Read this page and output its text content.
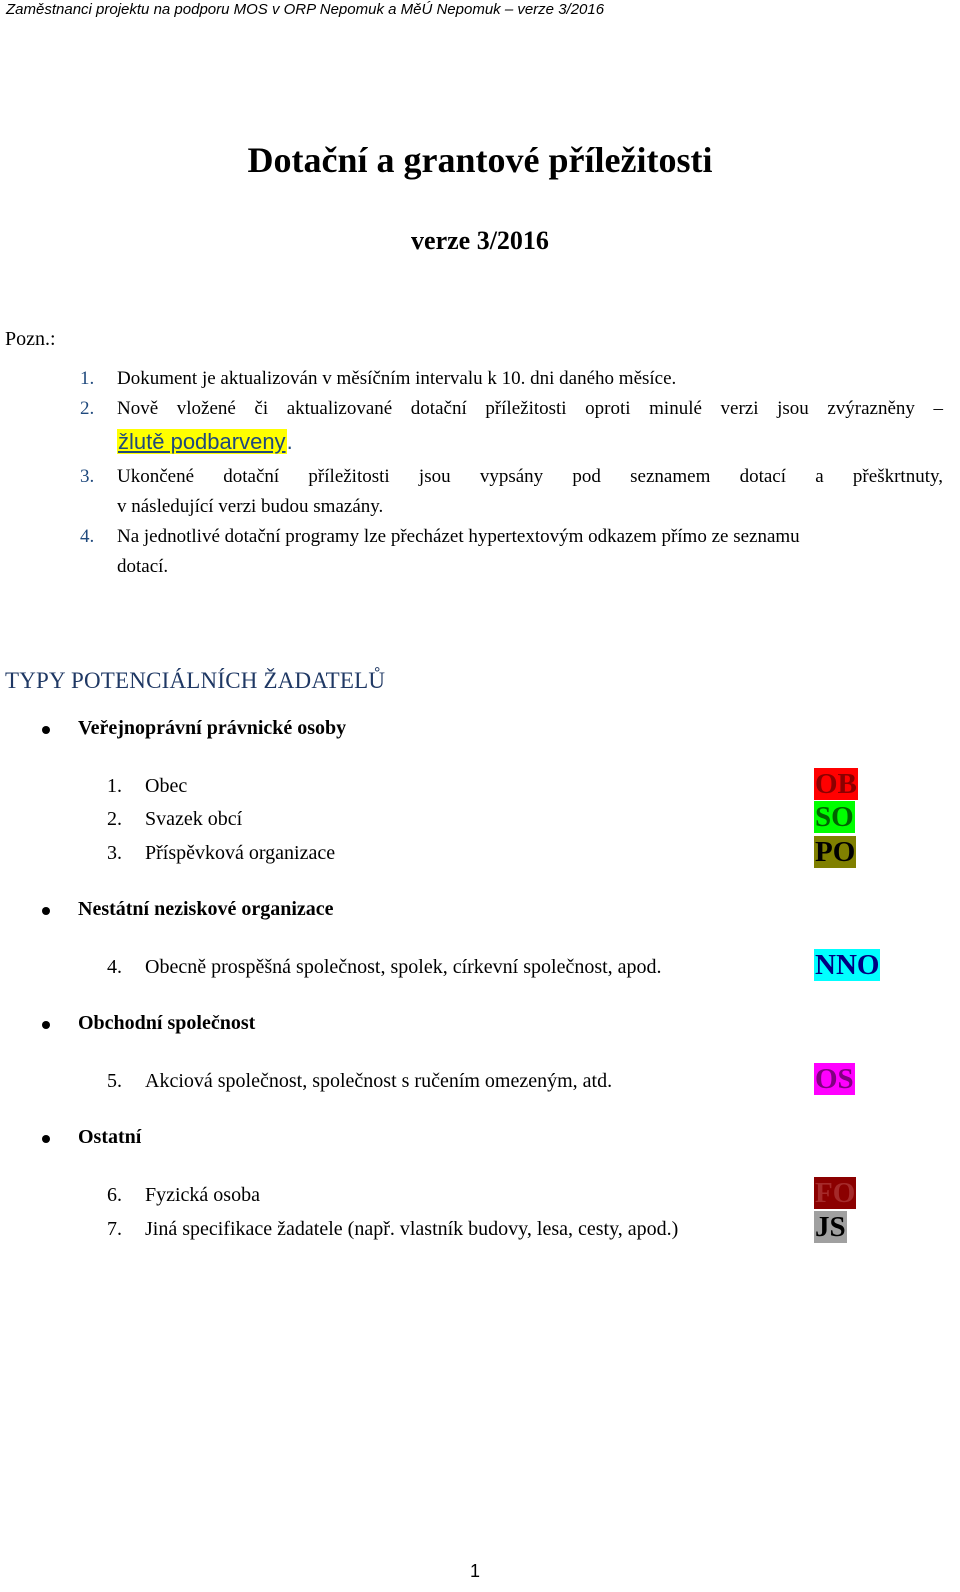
Zaměstnanci projektu na podporu MOS v ORP Nepomuk a MěÚ Nepomuk – verze 3/2016
Dotační a grantové příležitosti
verze 3/2016
Pozn.:
1. Dokument je aktualizován v měsíčním intervalu k 10. dni daného měsíce.
2. Nově vložené či aktualizované dotační příležitosti oproti minulé verzi jsou zvýrazněny –
žlutě podbarveny.
3. Ukončené dotační příležitosti jsou vypsány pod seznamem dotací a přeškrtnuty,
v následující verzi budou smazány.
4. Na jednotlivé dotační programy lze přecházet hypertextovým odkazem přímo ze seznamu
dotací.
TYPY POTENCIÁLNÍCH ŽADATELŮ
Veřejnoprávní právnické osoby
1. Obec	OB
2. Svazek obcí	SO
3. Příspěvková organizace	PO
Nestátní neziskové organizace
4. Obecně prospěšná společnost, spolek, církevní společnost, apod.	NNO
Obchodní společnost
5. Akciová společnost, společnost s ručením omezeným, atd.	OS
Ostatní
6. Fyzická osoba	FO
7. Jiná specifikace žadatele (např. vlastník budovy, lesa, cesty, apod.)	JS
1
